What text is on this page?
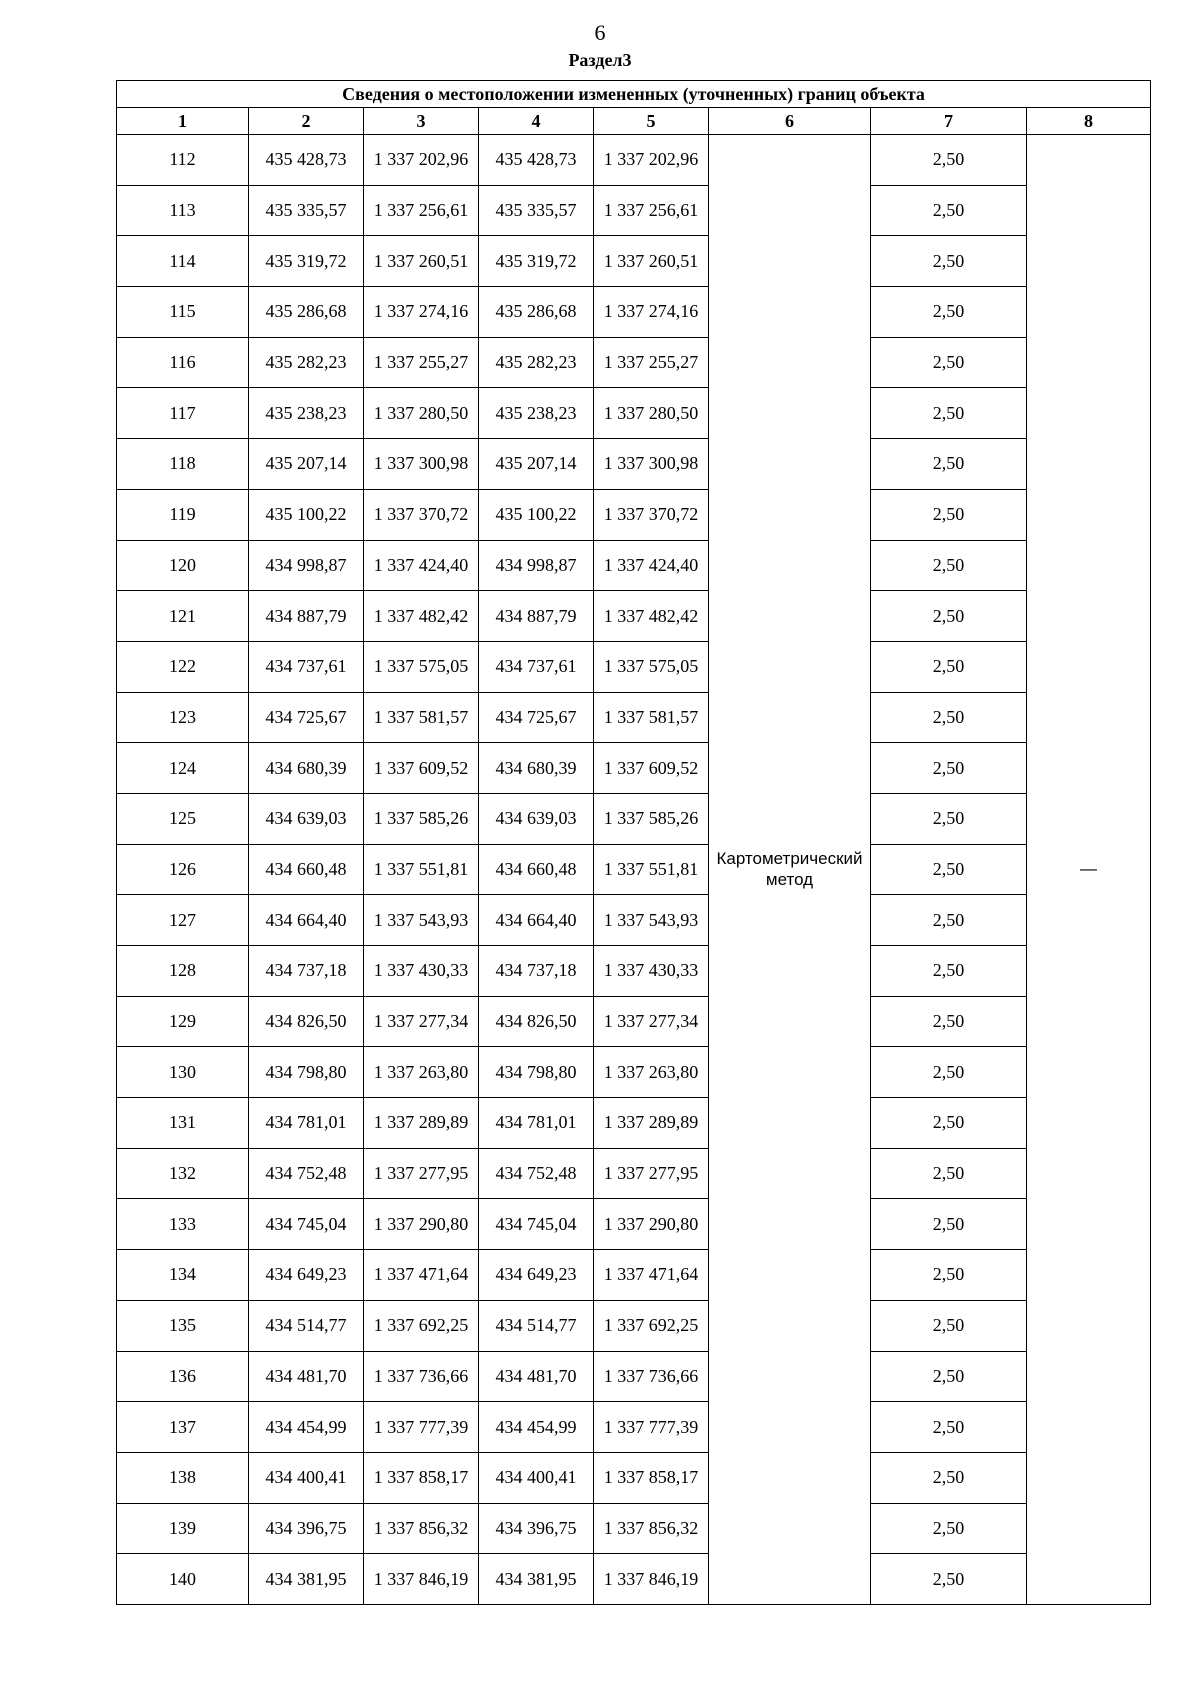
6
Раздел3
Сведения о местоположении измененных (уточненных) границ объекта							
1	2	3	4	5	6	7	8
112	435 428,73	1 337 202,96	435 428,73	1 337 202,96	Картометрический метод	2,50	—
113	435 335,57	1 337 256,61	435 335,57	1 337 256,61		2,50	
114	435 319,72	1 337 260,51	435 319,72	1 337 260,51		2,50	
115	435 286,68	1 337 274,16	435 286,68	1 337 274,16		2,50	
116	435 282,23	1 337 255,27	435 282,23	1 337 255,27		2,50	
117	435 238,23	1 337 280,50	435 238,23	1 337 280,50		2,50	
118	435 207,14	1 337 300,98	435 207,14	1 337 300,98		2,50	
119	435 100,22	1 337 370,72	435 100,22	1 337 370,72		2,50	
120	434 998,87	1 337 424,40	434 998,87	1 337 424,40		2,50	
121	434 887,79	1 337 482,42	434 887,79	1 337 482,42		2,50	
122	434 737,61	1 337 575,05	434 737,61	1 337 575,05		2,50	
123	434 725,67	1 337 581,57	434 725,67	1 337 581,57		2,50	
124	434 680,39	1 337 609,52	434 680,39	1 337 609,52		2,50	
125	434 639,03	1 337 585,26	434 639,03	1 337 585,26		2,50	
126	434 660,48	1 337 551,81	434 660,48	1 337 551,81		2,50	
127	434 664,40	1 337 543,93	434 664,40	1 337 543,93		2,50	
128	434 737,18	1 337 430,33	434 737,18	1 337 430,33		2,50	
129	434 826,50	1 337 277,34	434 826,50	1 337 277,34		2,50	
130	434 798,80	1 337 263,80	434 798,80	1 337 263,80		2,50	
131	434 781,01	1 337 289,89	434 781,01	1 337 289,89		2,50	
132	434 752,48	1 337 277,95	434 752,48	1 337 277,95		2,50	
133	434 745,04	1 337 290,80	434 745,04	1 337 290,80		2,50	
134	434 649,23	1 337 471,64	434 649,23	1 337 471,64		2,50	
135	434 514,77	1 337 692,25	434 514,77	1 337 692,25		2,50	
136	434 481,70	1 337 736,66	434 481,70	1 337 736,66		2,50	
137	434 454,99	1 337 777,39	434 454,99	1 337 777,39		2,50	
138	434 400,41	1 337 858,17	434 400,41	1 337 858,17		2,50	
139	434 396,75	1 337 856,32	434 396,75	1 337 856,32		2,50	
140	434 381,95	1 337 846,19	434 381,95	1 337 846,19		2,50	
